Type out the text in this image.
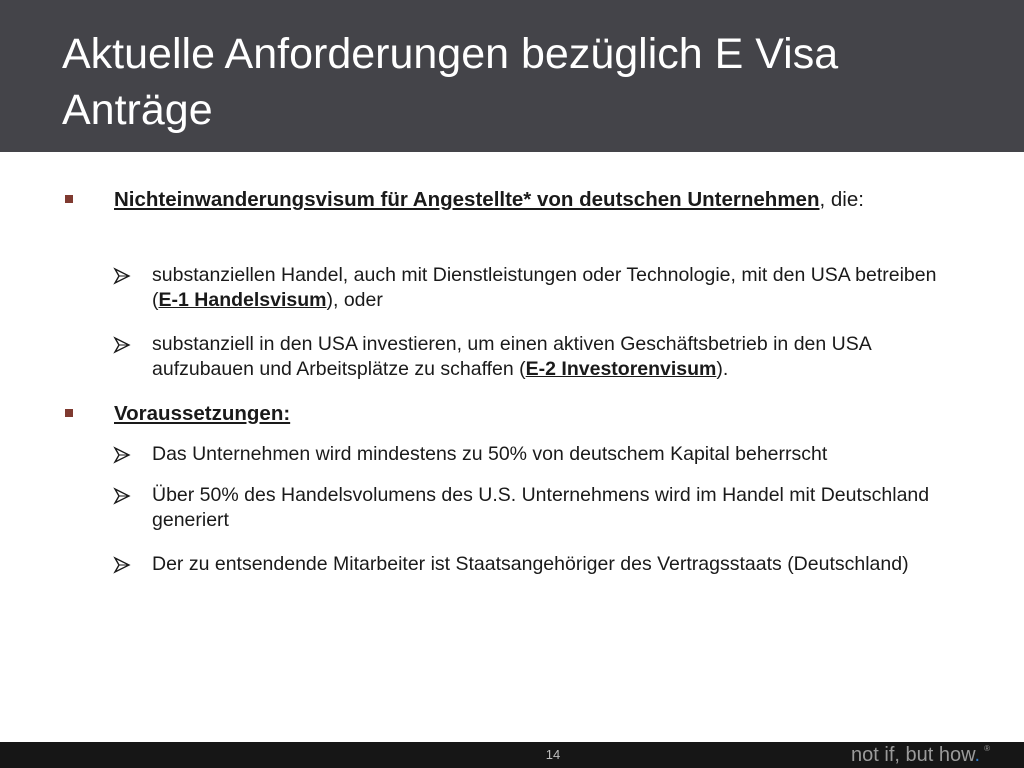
Aktuelle Anforderungen bezüglich E Visa Anträge
Nichteinwanderungsvisum für Angestellte* von deutschen Unternehmen, die:
substanziellen Handel, auch mit Dienstleistungen oder Technologie, mit den USA betreiben (E-1 Handelsvisum), oder
substanziell in den USA investieren, um einen aktiven Geschäftsbetrieb in den USA aufzubauen und Arbeitsplätze zu schaffen (E-2 Investorenvisum).
Voraussetzungen:
Das Unternehmen wird mindestens zu 50% von deutschem Kapital beherrscht
Über 50% des Handelsvolumens des U.S. Unternehmens wird im Handel mit Deutschland generiert
Der zu entsendende Mitarbeiter ist Staatsangehöriger des Vertragsstaats (Deutschland)
14	not if, but how. ®
